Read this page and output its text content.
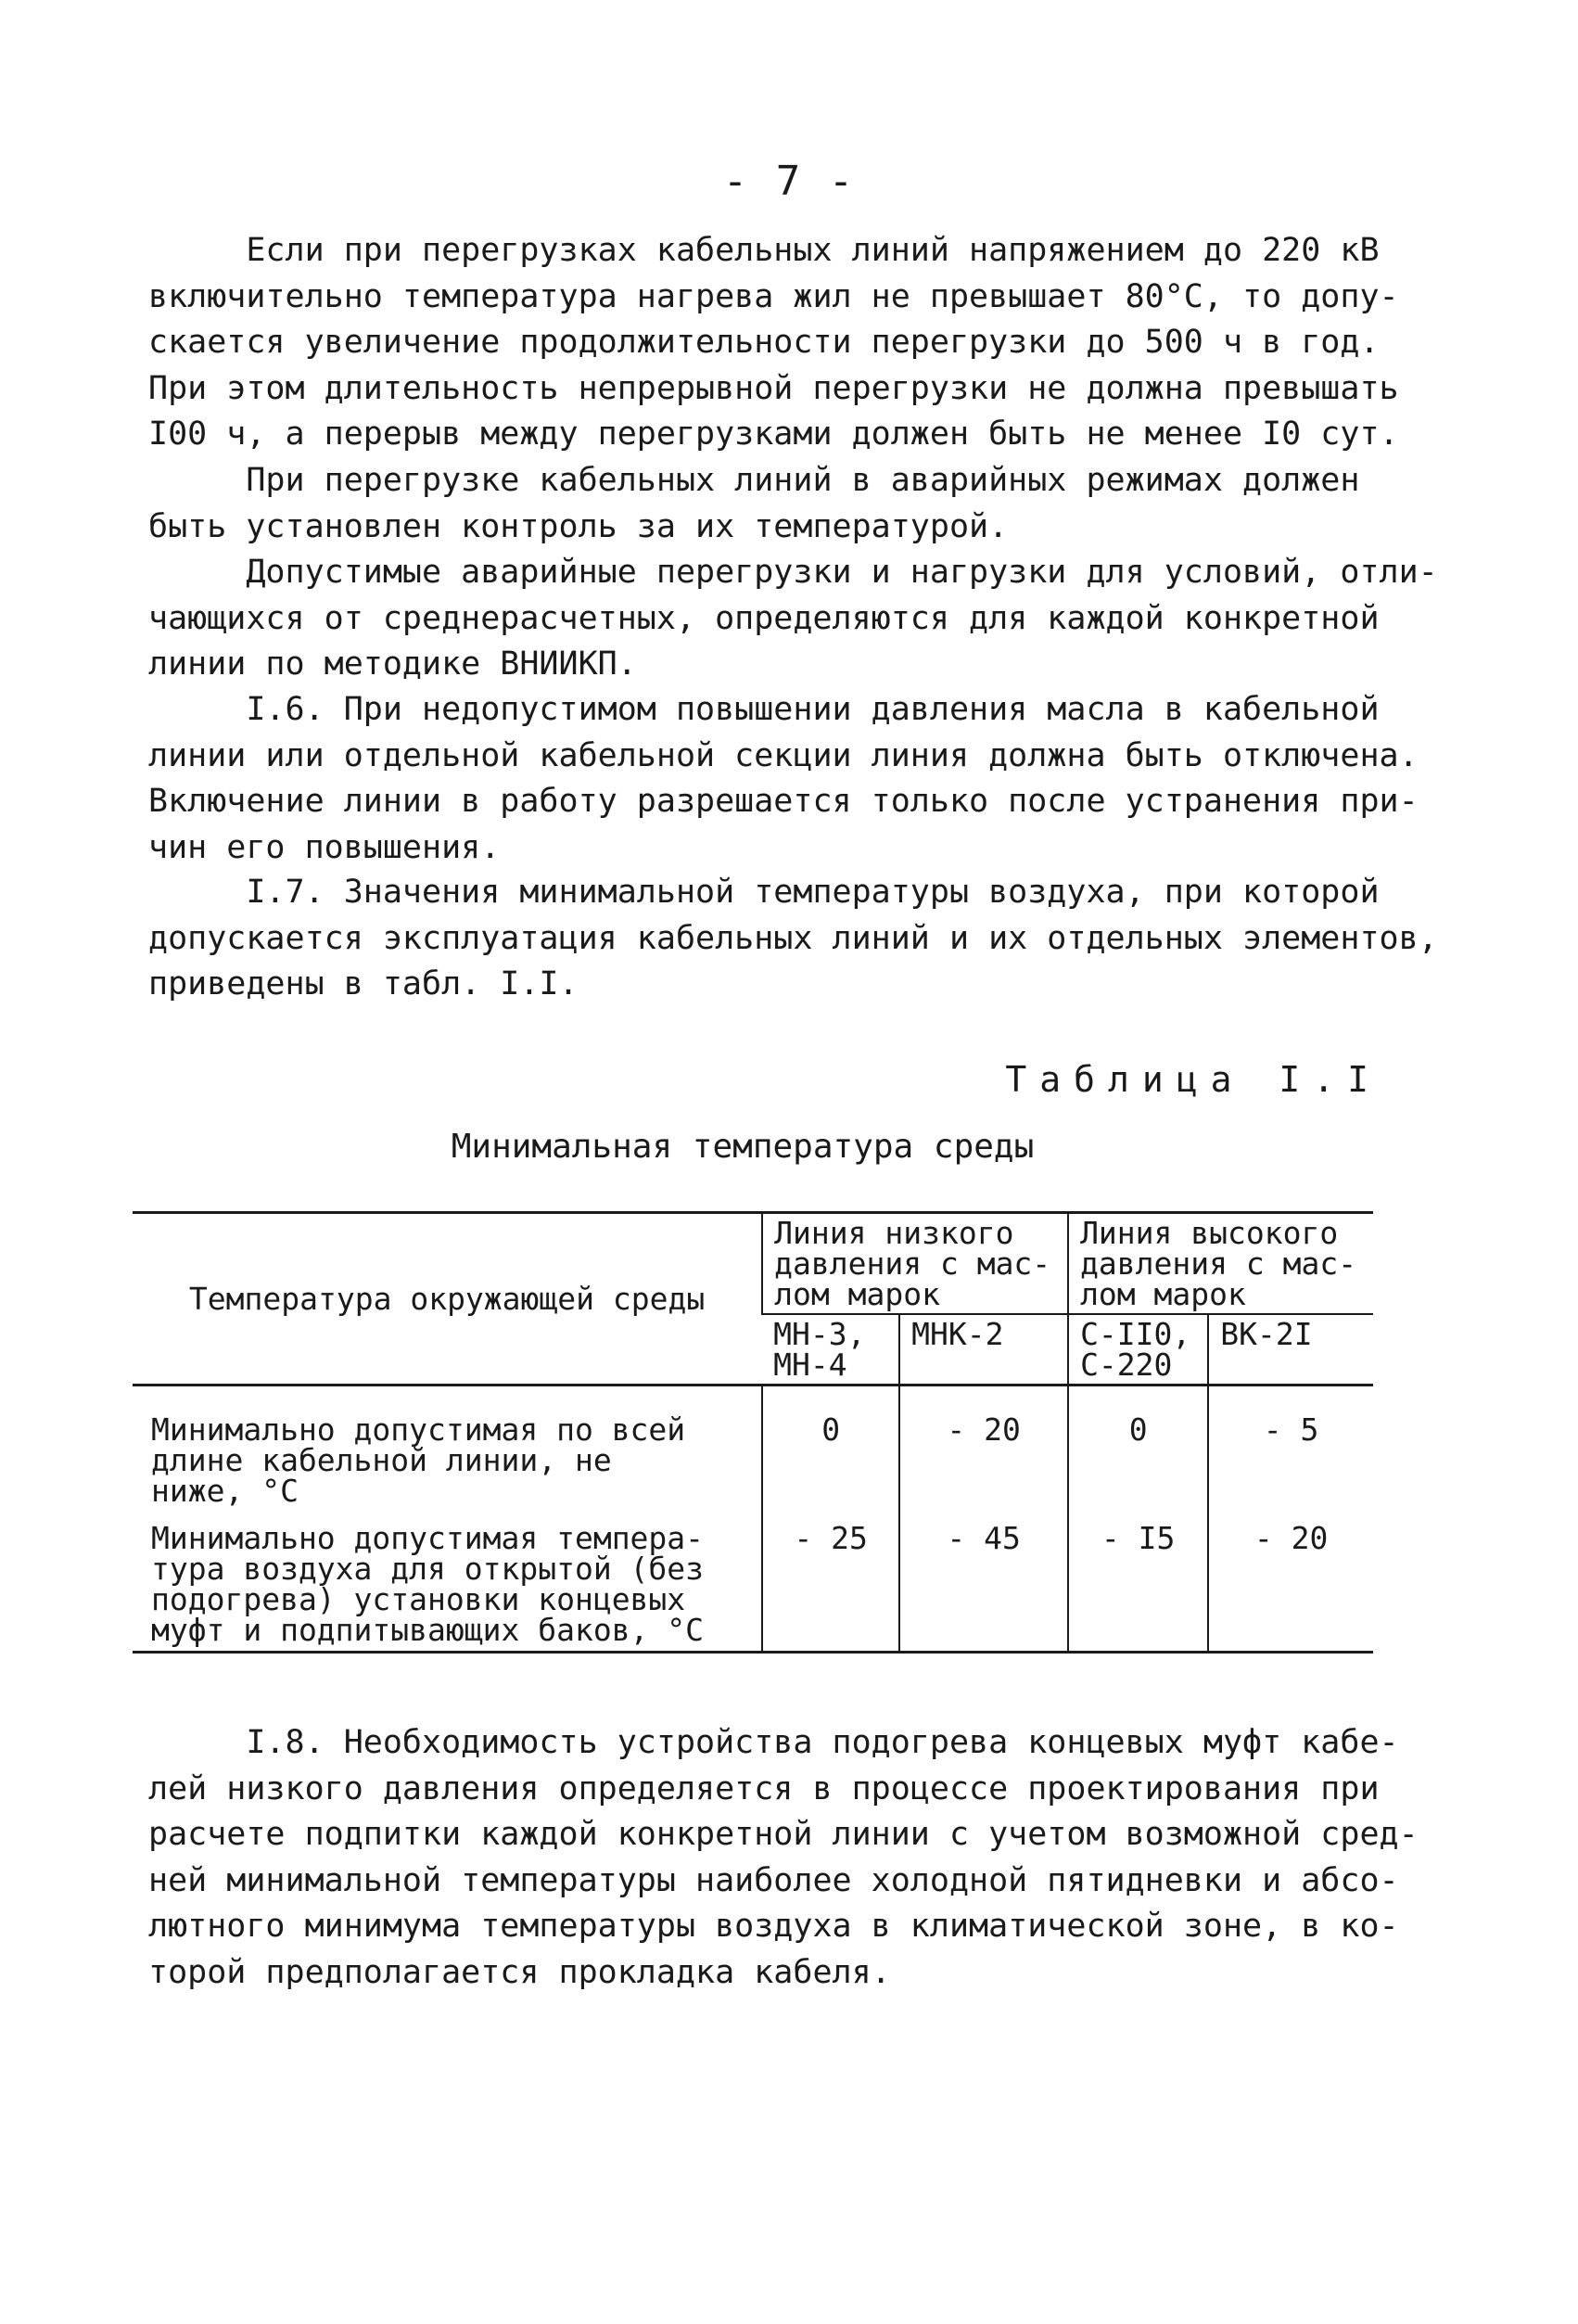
- 7 -

Если при перегрузках кабельных линий напряжением до 220 кВ
включительно температура нагрева жил не превышает 80°С, то допу-
скается увеличение продолжительности перегрузки до 500 ч в год.
При этом длительность непрерывной перегрузки не должна превышать
I00 ч, а перерыв между перегрузками должен быть не менее I0 сут.

При перегрузке кабельных линий в аварийных режимах должен
быть установлен контроль за их температурой.

Допустимые аварийные перегрузки и нагрузки для условий, отли-
чающихся от среднерасчетных, определяются для каждой конкретной
линии по методике ВНИИКП.

I.6. При недопустимом повышении давления масла в кабельной
линии или отдельной кабельной секции линия должна быть отключена.
Включение линии в работу разрешается только после устранения при-
чин его повышения.

I.7. Значения минимальной температуры воздуха, при которой
допускается эксплуатация кабельных линий и их отдельных элементов,
приведены в табл. I.I.

Таблица I.I
Минимальная температура среды
Температура окружающей среды	Линия низкого
давления с мас-
лом марок		Линия высокого
давления с мас-
лом марок	
	МН-3,
МН-4	МНК-2	С-II0,
С-220	ВК-2I
Минимально допустимая по всей
длине кабельной линии, не
ниже, °С	0	- 20	0	- 5
Минимально допустимая темпера-
тура воздуха для открытой (без
подогрева) установки концевых
муфт и подпитывающих баков, °С	- 25	- 45	- I5	- 20

I.8. Необходимость устройства подогрева концевых муфт кабе-
лей низкого давления определяется в процессе проектирования при
расчете подпитки каждой конкретной линии с учетом возможной сред-
ней минимальной температуры наиболее холодной пятидневки и абсо-
лютного минимума температуры воздуха в климатической зоне, в ко-
торой предполагается прокладка кабеля.
